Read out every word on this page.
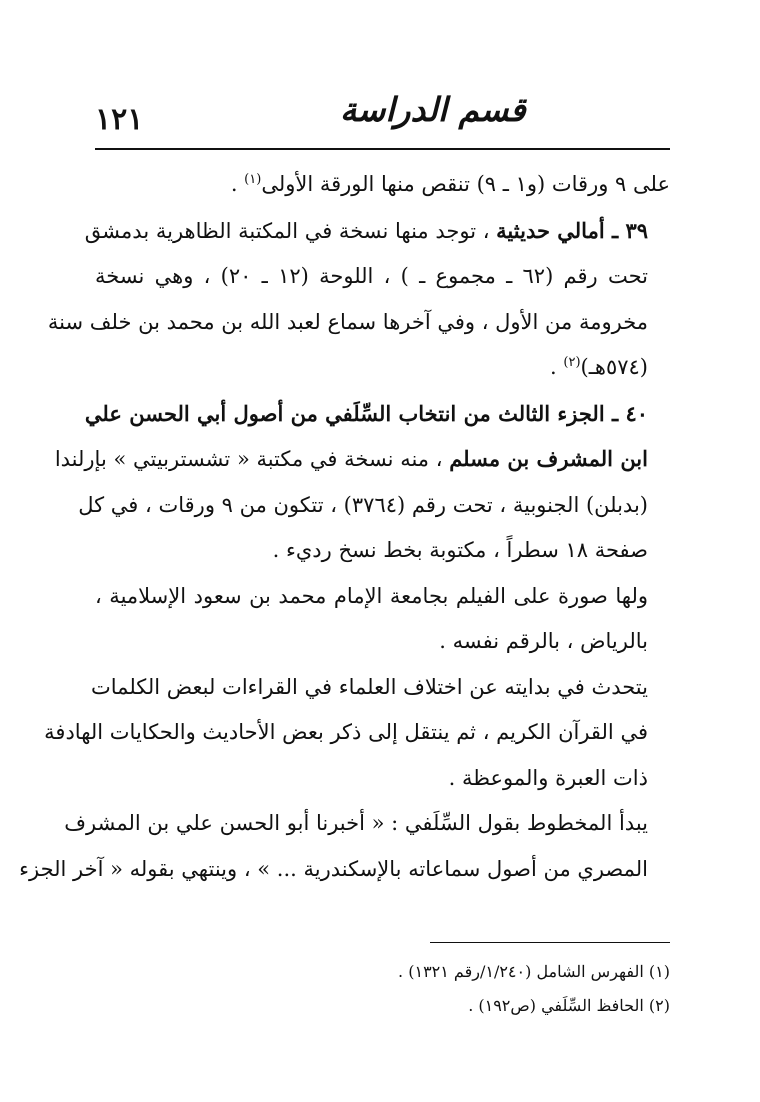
١٢١	قسم الدراسة
على ٩ ورقات (و١ ـ ٩) تنقص منها الورقة الأولى$^{(١)}$ .
٣٩ ـ أمالي حديثية ، توجد منها نسخة في المكتبة الظاهرية بدمشق
تحت رقم (٦٢ ـ مجموع ـ ) ، اللوحة (١٢ ـ ٢٠) ، وهي نسخة
مخرومة من الأول ، وفي آخرها سماع لعبد الله بن محمد بن خلف سنة
(٥٧٤هـ)$^{(٢)}$ .
٤٠ ـ الجزء الثالث من انتخاب السِّلَفي من أصول أبي الحسن علي
ابن المشرف بن مسلم ، منه نسخة في مكتبة « تشستربيتي » بإرلندا
(بدبلن) الجنوبية ، تحت رقم (٣٧٦٤) ، تتكون من ٩ ورقات ، في كل
صفحة ١٨ سطراً ، مكتوبة بخط نسخ رديء .
ولها صورة على الفيلم بجامعة الإمام محمد بن سعود الإسلامية ،
بالرياض ، بالرقم نفسه .
يتحدث في بدايته عن اختلاف العلماء في القراءات لبعض الكلمات
في القرآن الكريم ، ثم ينتقل إلى ذكر بعض الأحاديث والحكايات الهادفة
ذات العبرة والموعظة .
يبدأ المخطوط بقول السِّلَفي : « أخبرنا أبو الحسن علي بن المشرف
المصري من أصول سماعاته بالإسكندرية ... » ، وينتهي بقوله « آخر الجزء
(١) الفهرس الشامل (١/٢٤٠/رقم ١٣٢١) .
(٢) الحافظ السِّلَفي (ص١٩٢) .
